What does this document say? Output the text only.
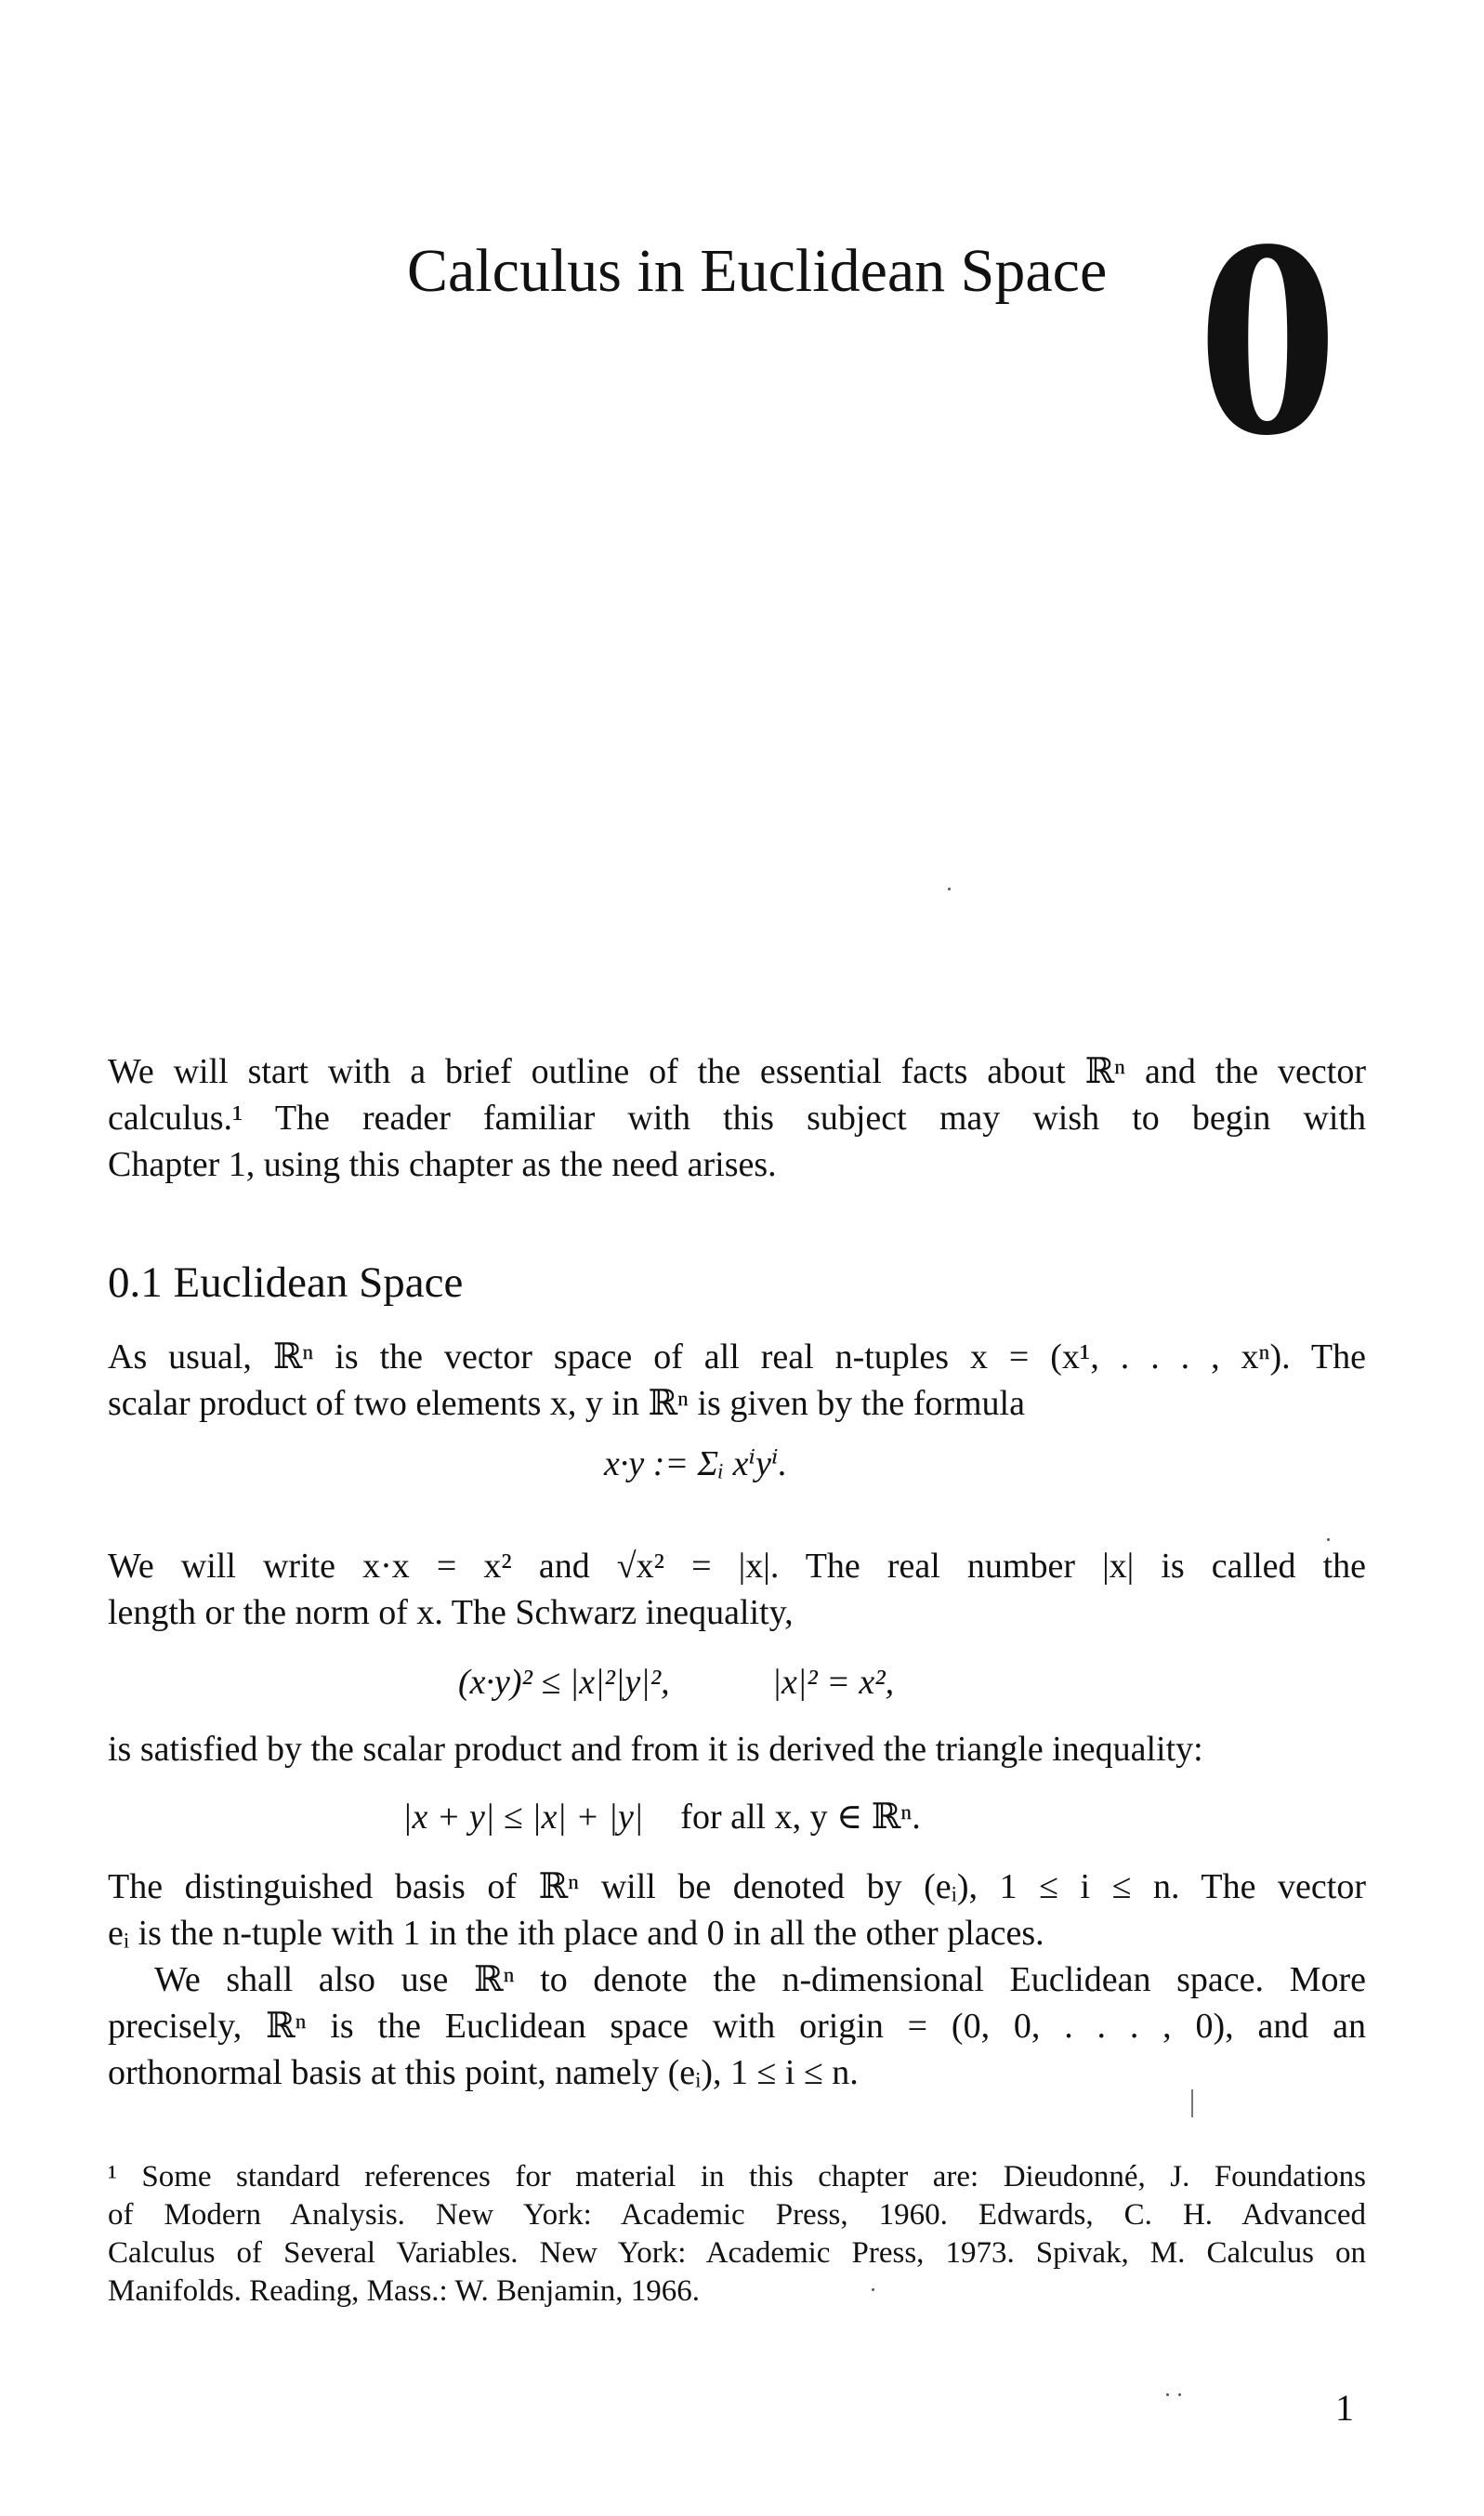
Calculus in Euclidean Space 0
We will start with a brief outline of the essential facts about ℝⁿ and the vector
calculus.¹ The reader familiar with this subject may wish to begin with
Chapter 1, using this chapter as the need arises.
0.1 Euclidean Space
As usual, ℝⁿ is the vector space of all real n-tuples x = (x¹, . . . , xⁿ). The
scalar product of two elements x, y in ℝⁿ is given by the formula
x·y := Σᵢ xⁱyⁱ.
We will write x·x = x² and √x² = |x|. The real number |x| is called the
length or the norm of x. The Schwarz inequality,
(x·y)² ≤ |x|²|y|²,	|x|² = x²,
is satisfied by the scalar product and from it is derived the triangle inequality:
|x + y| ≤ |x| + |y| for all x, y ∈ ℝⁿ.
The distinguished basis of ℝⁿ will be denoted by (eᵢ), 1 ≤ i ≤ n. The vector
eᵢ is the n-tuple with 1 in the ith place and 0 in all the other places.
We shall also use ℝⁿ to denote the n-dimensional Euclidean space. More
precisely, ℝⁿ is the Euclidean space with origin = (0, 0, . . . , 0), and an
orthonormal basis at this point, namely (eᵢ), 1 ≤ i ≤ n.
¹ Some standard references for material in this chapter are: Dieudonné, J. Foundations
of Modern Analysis. New York: Academic Press, 1960. Edwards, C. H. Advanced
Calculus of Several Variables. New York: Academic Press, 1973. Spivak, M. Calculus on
Manifolds. Reading, Mass.: W. Benjamin, 1966.
1
